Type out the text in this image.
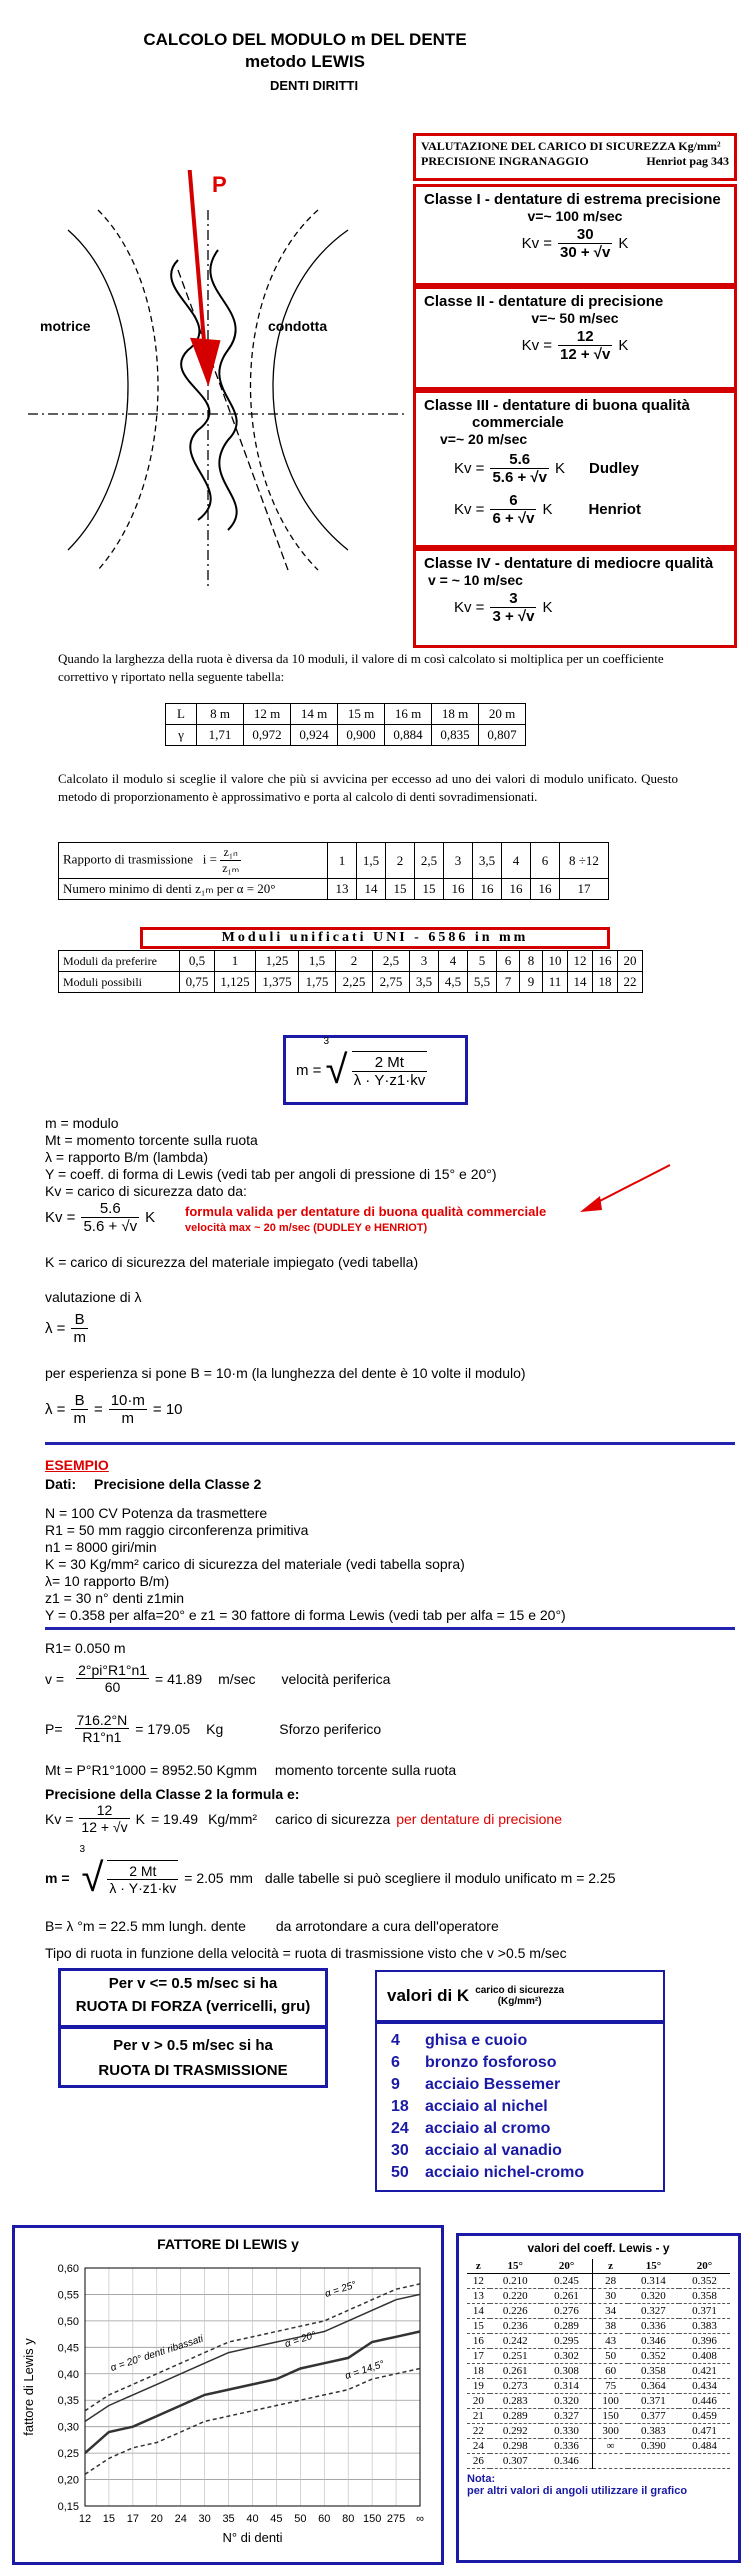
CALCOLO DEL MODULO m DEL DENTE
metodo LEWIS
DENTI DIRITTI
P
motrice	condotta
VALUTAZIONE DEL CARICO DI SICUREZZA Kg/mm²
PRECISIONE INGRANAGGIO	Henriot pag 343
Classe I - dentature di estrema precisione
v=~ 100 m/sec
$Kv = \frac{30}{30 + √v}$ K
Classe II - dentature di precisione
v=~ 50 m/sec
$Kv = \frac{12}{12 + √v}$ K
Classe III - dentature di buona qualità
commerciale
v=~ 20 m/sec
$Kv = \frac{5.6}{5.6 + √v}$ K Dudley
$Kv = \frac{6}{6 + √v}$ K Henriot
Classe IV - dentature di mediocre qualità
v = ~ 10 m/sec
$Kv = \frac{3}{3 + √v}$ K
Quando la larghezza della ruota è diversa da 10 moduli, il valore di m così calcolato si moltiplica per un coefficiente correttivo γ riportato nella seguente tabella:
L	8 m	12 m	14 m	15 m	16 m	18 m	20 m
γ	1,71	0,972	0,924	0,900	0,884	0,835	0,807
Calcolato il modulo si sceglie il valore che più si avvicina per eccesso ad uno dei valori di modulo unificato. Questo metodo di proporzionamento è approssimativo e porta al calcolo di denti sovradimensionati.
Rapporto di trasmissione $i = \frac{\text{z₁ₙ}}{\text{z₁ₘ}}$	1	1,5	2	2,5	3	3,5	4	6	8 ÷12
Numero minimo di denti z₁ₘ per α = 20°	13	14	15	15	16	16	16	16	17
Moduli unificati UNI - 6586 in mm
Moduli da preferire	0,5	1	1,25	1,5	2	2,5	3	4	5	6	8	10	12	16	20
Moduli possibili	0,75	1,125	1,375	1,75	2,25	2,75	3,5	4,5	5,5	7	9	11	14	18	22
m =
3
√ $\frac{2 Mt}{\lambda \cdot Y\cdot z1\cdot kv}$
m = modulo
Mt = momento torcente sulla ruota
λ = rapporto B/m (lambda)
Y = coeff. di forma di Lewis (vedi tab per angoli di pressione di 15° e 20°)
Kv = carico di sicurezza dato da:
$Kv = \frac{5.6}{5.6 + √v}$ K formula valida per dentature di buona qualità commerciale
velocità max ~ 20 m/sec (DUDLEY e HENRIOT)
K = carico di sicurezza del materiale impiegato (vedi tabella)
valutazione di λ
$\lambda = \frac{B}{m}$
per esperienza si pone B = 10·m (la lunghezza del dente è 10 volte il modulo)
$\lambda = \frac{B}{m} = \frac{10\cdot m}{m} = 10$
ESEMPIO
Dati: Precisione della Classe 2
N = 100 CV Potenza da trasmettere
R1 = 50 mm raggio circonferenza primitiva
n1 = 8000 giri/min
K = 30 Kg/mm² carico di sicurezza del materiale (vedi tabella sopra)
λ= 10 rapporto B/m)
z1 = 30 n° denti z1min
Y = 0.358 per alfa=20° e z1 = 30 fattore di forma Lewis (vedi tab per alfa = 15 e 20°)
R1= 0.050 m
$v = \frac{2^\circ pi^\circ R1^\circ n1}{60} = 41.89$ m/sec velocità periferica
$P= \frac{716.2^\circ N}{R1^\circ n1} = 179.05$ Kg	Sforzo periferico
Mt = P°R1°1000 = 8952.50 Kgmm momento torcente sulla ruota
Precisione della Classe 2 la formula e:
$Kv = \frac{12}{12 + √v}$ K = 19.49 Kg/mm² carico di sicurezza per dentature di precisione
m =
3
√ $\frac{2 Mt}{\lambda \cdot Y\cdot z1\cdot kv} = 2.05$ mm dalle tabelle si può scegliere il modulo unificato m = 2.25
B= λ °m = 22.5 mm lungh. dente da arrotondare a cura dell'operatore
Tipo di ruota in funzione della velocità = ruota di trasmissione visto che v >0.5 m/sec
Per v <= 0.5 m/sec si ha
RUOTA DI FORZA (verricelli, gru)
Per v > 0.5 m/sec si ha
RUOTA DI TRASMISSIONE
valori di K carico di sicurezza
(Kg/mm²)
4 ghisa e cuoio
6 bronzo fosforoso
9 acciaio Bessemer
18 acciaio al nichel
24 acciaio al cromo
30 acciaio al vanadio
50 acciaio nichel-cromo
FATTORE DI LEWIS y
0,60
0,55
0,50
0,45
0,40
0,35
0,30
0,25
0,20
0,15
12 15 17 20 24 30 35 40 45 50 60 80 150 275 ∞
α = 20° denti ribassati
α = 25°
α = 20°
α = 14,5°
N° di denti
fattore di Lewis y
valori del coeff. Lewis - y
z	15°	20°	z	15°	20°
12	0.210	0.245	28	0.314	0.352
13	0.220	0.261	30	0.320	0.358
14	0.226	0.276	34	0.327	0.371
15	0.236	0.289	38	0.336	0.383
16	0.242	0.295	43	0.346	0.396
17	0.251	0.302	50	0.352	0.408
18	0.261	0.308	60	0.358	0.421
19	0.273	0.314	75	0.364	0.434
20	0.283	0.320	100	0.371	0.446
21	0.289	0.327	150	0.377	0.459
22	0.292	0.330	300	0.383	0.471
24	0.298	0.336	∞	0.390	0.484
26	0.307	0.346			
Nota:
per altri valori di angoli utilizzare il grafico
